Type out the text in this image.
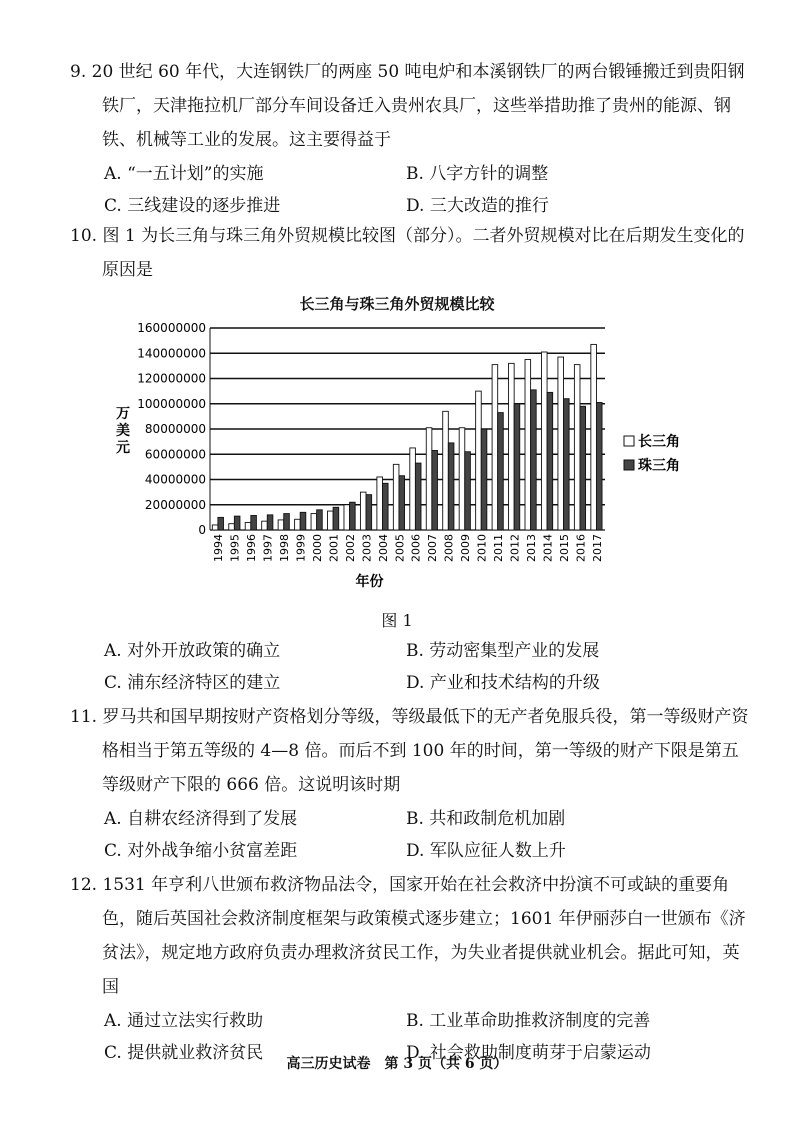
9. 20 世纪 60 年代，大连钢铁厂的两座 50 吨电炉和本溪钢铁厂的两台锻锤搬迁到贵阳钢铁厂，天津拖拉机厂部分车间设备迁入贵州农具厂，这些举措助推了贵州的能源、钢铁、机械等工业的发展。这主要得益于
A. “一五计划”的实施	B. 八字方针的调整
C. 三线建设的逐步推进	D. 三大改造的推行
10. 图 1 为长三角与珠三角外贸规模比较图（部分）。二者外贸规模对比在后期发生变化的原因是
长三角与珠三角外贸规模比较
0
20000000
40000000
60000000
80000000
100000000
120000000
140000000
160000000
1994 1995 1996 1997 1998 1999 2000 2001 2002 2003 2004 2005 2006 2007 2008 2009 2010 2011 2012 2013 2014 2015 2016 2017
年份
万
美
元	长三角
珠三角
图 1
A. 对外开放政策的确立	B. 劳动密集型产业的发展
C. 浦东经济特区的建立	D. 产业和技术结构的升级
11. 罗马共和国早期按财产资格划分等级，等级最低下的无产者免服兵役，第一等级财产资格相当于第五等级的 4—8 倍。而后不到 100 年的时间，第一等级的财产下限是第五等级财产下限的 666 倍。这说明该时期
A. 自耕农经济得到了发展	B. 共和政制危机加剧
C. 对外战争缩小贫富差距	D. 军队应征人数上升
12. 1531 年亨利八世颁布救济物品法令，国家开始在社会救济中扮演不可或缺的重要角色，随后英国社会救济制度框架与政策模式逐步建立；1601 年伊丽莎白一世颁布《济贫法》，规定地方政府负责办理救济贫民工作，为失业者提供就业机会。据此可知，英国
A. 通过立法实行救助	B. 工业革命助推救济制度的完善
C. 提供就业救济贫民	D. 社会救助制度萌芽于启蒙运动
高三历史试卷　第 3 页（共 6 页）
